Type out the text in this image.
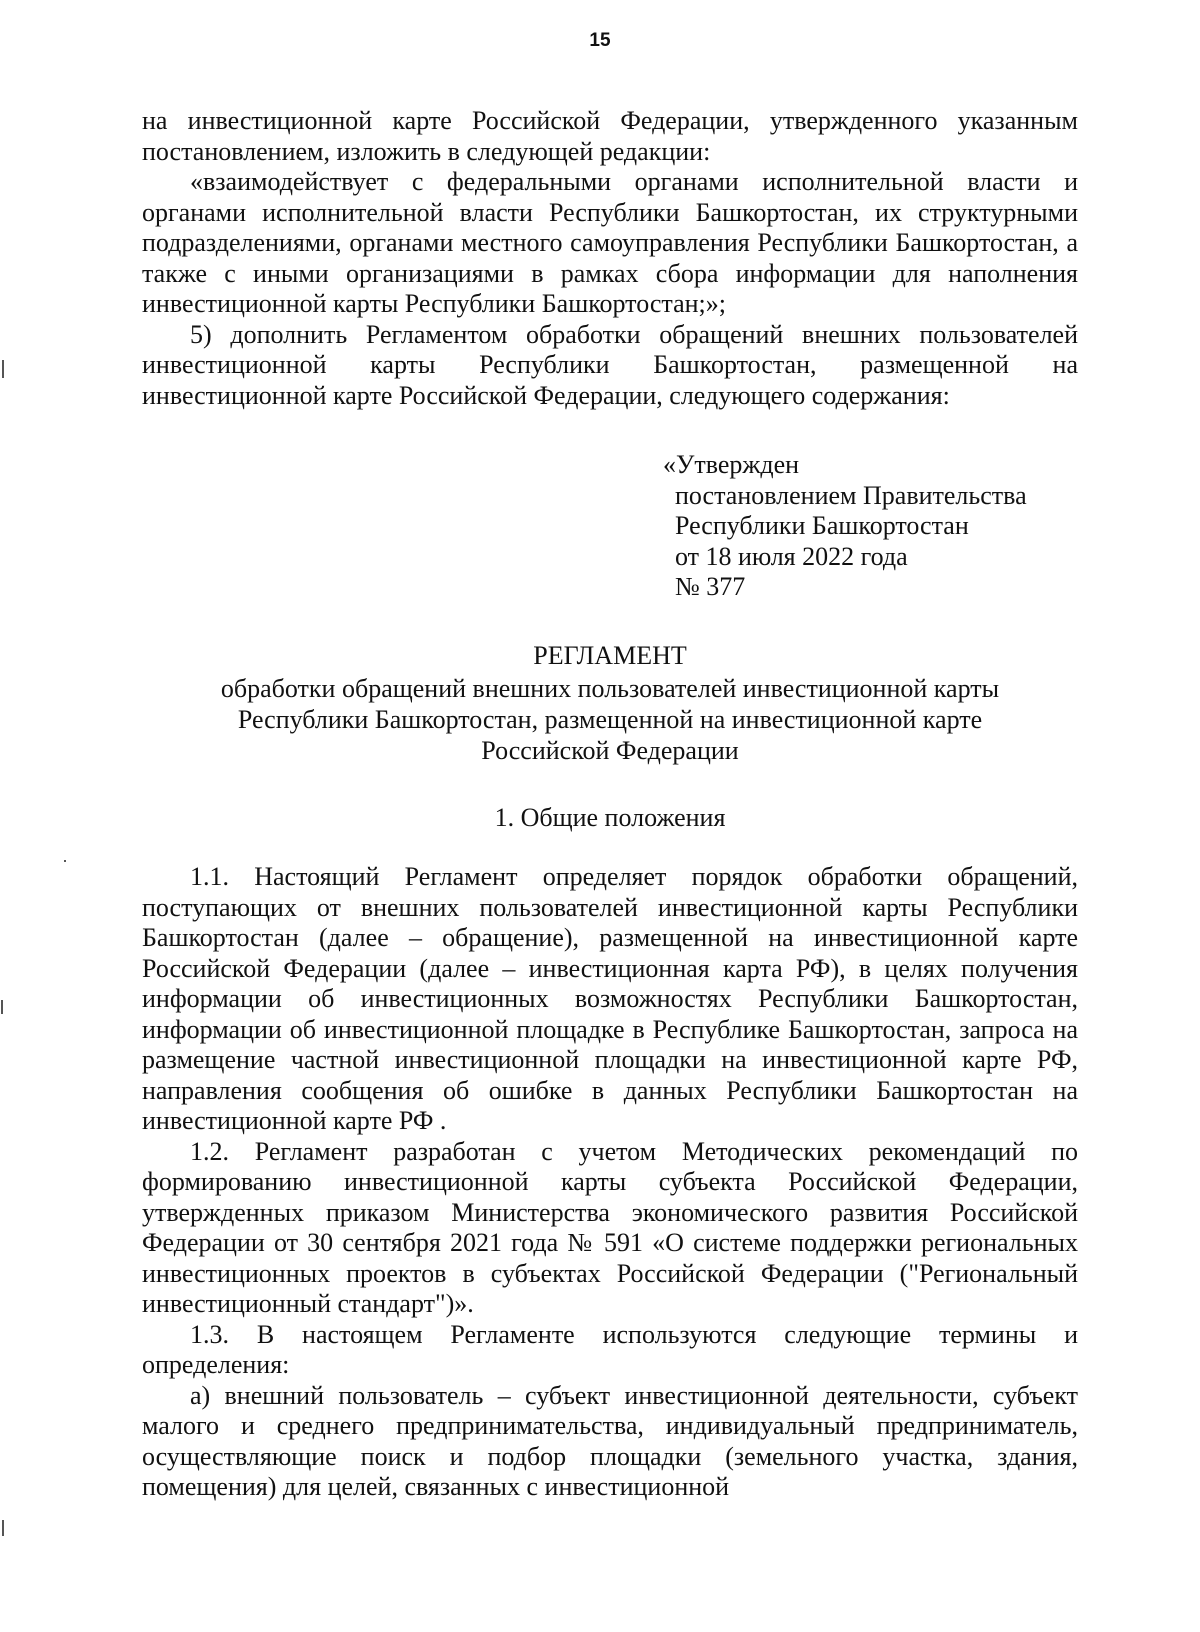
15

на инвестиционной карте Российской Федерации, утвержденного указанным постановлением, изложить в следующей редакции:

«взаимодействует с федеральными органами исполнительной власти и органами исполнительной власти Республики Башкортостан, их структурными подразделениями, органами местного самоуправления Республики Башкортостан, а также с иными организациями в рамках сбора информации для наполнения инвестиционной карты Республики Башкортостан;»;

5) дополнить Регламентом обработки обращений внешних пользователей инвестиционной карты Республики Башкортостан, размещенной на инвестиционной карте Российской Федерации, следующего содержания:

«Утвержден
постановлением Правительства
Республики Башкортостан
от 18 июля 2022 года
№ 377
РЕГЛАМЕНТ
обработки обращений внешних пользователей инвестиционной карты Республики Башкортостан, размещенной на инвестиционной карте Российской Федерации
1. Общие положения

1.1. Настоящий Регламент определяет порядок обработки обращений, поступающих от внешних пользователей инвестиционной карты Республики Башкортостан (далее – обращение), размещенной на инвестиционной карте Российской Федерации (далее – инвестиционная карта РФ), в целях получения информации об инвестиционных возможностях Республики Башкортостан, информации об инвестиционной площадке в Республике Башкортостан, запроса на размещение частной инвестиционной площадки на инвестиционной карте РФ, направления сообщения об ошибке в данных Республики Башкортостан на инвестиционной карте РФ .

1.2. Регламент разработан с учетом Методических рекомендаций по формированию инвестиционной карты субъекта Российской Федерации, утвержденных приказом Министерства экономического развития Российской Федерации от 30 сентября 2021 года № 591 «О системе поддержки региональных инвестиционных проектов в субъектах Российской Федерации ("Региональный инвестиционный стандарт")».

1.3. В настоящем Регламенте используются следующие термины и определения:

а) внешний пользователь – субъект инвестиционной деятельности, субъект малого и среднего предпринимательства, индивидуальный предприниматель, осуществляющие поиск и подбор площадки (земельного участка, здания, помещения) для целей, связанных с инвестиционной
